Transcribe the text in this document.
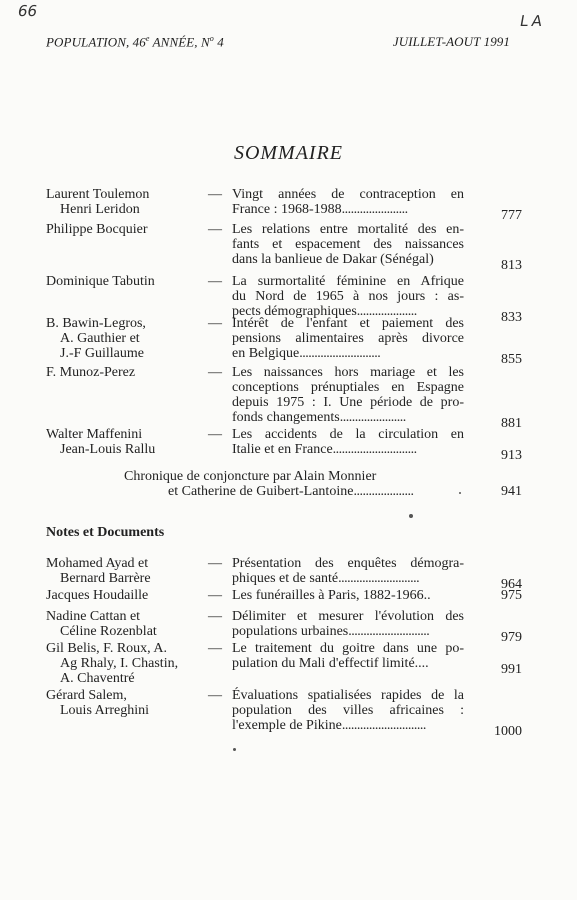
66
LA
POPULATION, 46e ANNÉE, $N^o$ 4	JUILLET-AOUT 1991
SOMMAIRE
Laurent Toulemon
Henri Leridon
— Vingt années de contraception en
France : 1968-1988......................	777
Philippe Bocquier	— Les relations entre mortalité des en-
fants et espacement des naissances
dans la banlieue de Dakar (Sénégal)	813
Dominique Tabutin	— La surmortalité féminine en Afrique
du Nord de 1965 à nos jours : as-
pects démographiques....................	833
B. Bawin-Legros,
A. Gauthier et
J.-F Guillaume
— Intérêt de l'enfant et paiement des
pensions alimentaires après divorce
en Belgique...........................	855
F. Munoz-Perez	— Les naissances hors mariage et les
conceptions prénuptiales en Espagne
depuis 1975 : I. Une période de pro-
fonds changements......................	881
Walter Maffenini
Jean-Louis Rallu
— Les accidents de la circulation en
Italie et en France............................	913
Chronique de conjoncture par Alain Monnier
et Catherine de Guibert-Lantoine....................	941
Notes et Documents
Mohamed Ayad et
Bernard Barrère
— Présentation des enquêtes démogra-
phiques et de santé...........................	964
Jacques Houdaille	— Les funérailles à Paris, 1882-1966..	975
Nadine Cattan et
Céline Rozenblat
— Délimiter et mesurer l'évolution des
populations urbaines...........................	979
Gil Belis, F. Roux, A.
Ag Rhaly, I. Chastin,
A. Chaventré
— Le traitement du goitre dans une po-
pulation du Mali d'effectif limité....	991
Gérard Salem,
Louis Arreghini
— Évaluations spatialisées rapides de la
population des villes africaines :
l'exemple de Pikine............................	1000
